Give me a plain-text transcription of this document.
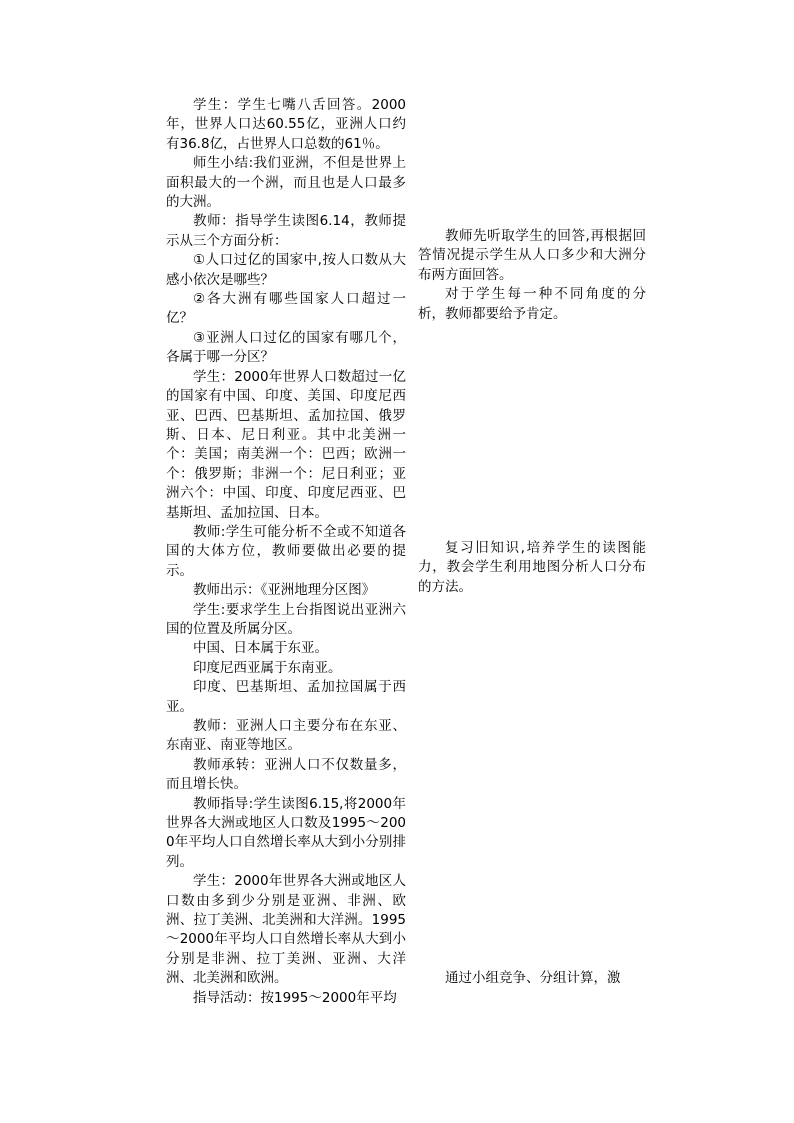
学生：学生七嘴八舌回答。2000年，世界人口达60.55亿，亚洲人口约有36.8亿，占世界人口总数的61％。

师生小结:我们亚洲，不但是世界上面积最大的一个洲，而且也是人口最多的大洲。

教师：指导学生读图6.14，教师提示从三个方面分析：

①人口过亿的国家中,按人口数从大感小依次是哪些？

②各大洲有哪些国家人口超过一亿？

③亚洲人口过亿的国家有哪几个，各属于哪一分区？

学生：2000年世界人口数超过一亿的国家有中国、印度、美国、印度尼西亚、巴西、巴基斯坦、孟加拉国、俄罗斯、日本、尼日利亚。其中北美洲一个：美国；南美洲一个：巴西；欧洲一个：俄罗斯；非洲一个：尼日利亚；亚洲六个：中国、印度、印度尼西亚、巴基斯坦、孟加拉国、日本。

教师:学生可能分析不全或不知道各国的大体方位，教师要做出必要的提示。

教师出示：《亚洲地理分区图》

学生:要求学生上台指图说出亚洲六国的位置及所属分区。

中国、日本属于东亚。

印度尼西亚属于东南亚。

印度、巴基斯坦、孟加拉国属于西亚。

教师：亚洲人口主要分布在东亚、东南亚、南亚等地区。

教师承转：亚洲人口不仅数量多，而且增长快。

教师指导:学生读图6.15,将2000年世界各大洲或地区人口数及1995～2000年平均人口自然增长率从大到小分别排列。

学生：2000年世界各大洲或地区人口数由多到少分别是亚洲、非洲、欧洲、拉丁美洲、北美洲和大洋洲。1995～2000年平均人口自然增长率从大到小分别是非洲、拉丁美洲、亚洲、大洋洲、北美洲和欧洲。

指导活动：按1995～2000年平均

教师先听取学生的回答,再根据回答情况提示学生从人口多少和大洲分布两方面回答。

对于学生每一种不同角度的分析，教师都要给予肯定。

复习旧知识,培养学生的读图能力，教会学生利用地图分析人口分布的方法。

通过小组竞争、分组计算，激
